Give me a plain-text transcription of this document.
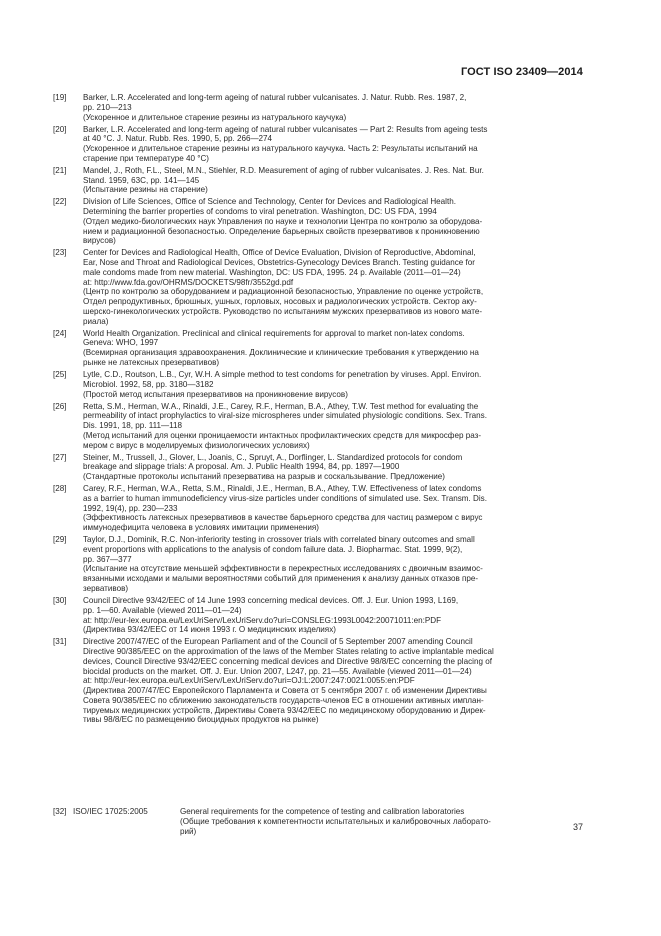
ГОСТ ISO 23409—2014
[19]	Barker, L.R. Accelerated and long-term ageing of natural rubber vulcanisates. J. Natur. Rubb. Res. 1987, 2,
pp. 210—213
(Ускоренное и длительное старение резины из натурального каучука)
[20]	Barker, L.R. Accelerated and long-term ageing of natural rubber vulcanisates — Part 2: Results from ageing tests
at 40 °C. J. Natur. Rubb. Res. 1990, 5, pp. 266—274
(Ускоренное и длительное старение резины из натурального каучука. Часть 2: Результаты испытаний на
старение при температуре 40 °C)
[21]	Mandel, J., Roth, F.L., Steel, M.N., Stiehler, R.D. Measurement of aging of rubber vulcanisates. J. Res. Nat. Bur.
Stand. 1959, 63C, pp. 141—145
(Испытание резины на старение)
[22]	Division of Life Sciences, Office of Science and Technology, Center for Devices and Radiological Health.
Determining the barrier properties of condoms to viral penetration. Washington, DC: US FDA, 1994
(Отдел медико-биологических наук Управления по науке и технологии Центра по контролю за оборудова-
нием и радиационной безопасностью. Определение барьерных свойств презервативов к проникновению
вирусов)
[23]	Center for Devices and Radiological Health, Office of Device Evaluation, Division of Reproductive, Abdominal,
Ear, Nose and Throat and Radiological Devices, Obstetrics-Gynecology Devices Branch. Testing guidance for
male condoms made from new material. Washington, DC: US FDA, 1995. 24 p. Available (2011—01—24)
at: http://www.fda.gov/OHRMS/DOCKETS/98fr/3552gd.pdf
(Центр по контролю за оборудованием и радиационной безопасностью, Управление по оценке устройств,
Отдел репродуктивных, брюшных, ушных, горловых, носовых и радиологических устройств. Сектор аку-
шерско-гинекологических устройств. Руководство по испытаниям мужских презервативов из нового мате-
риала)
[24]	World Health Organization. Preclinical and clinical requirements for approval to market non-latex condoms.
Geneva: WHO, 1997
(Всемирная организация здравоохранения. Доклинические и клинические требования к утверждению на
рынке не латексных презервативов)
[25]	Lytle, C.D., Routson, L.B., Cyr, W.H. A simple method to test condoms for penetration by viruses. Appl. Environ.
Microbiol. 1992, 58, pp. 3180—3182
(Простой метод испытания презервативов на проникновение вирусов)
[26]	Retta, S.M., Herman, W.A., Rinaldi, J.E., Carey, R.F., Herman, B.A., Athey, T.W. Test method for evaluating the
permeability of intact prophylactics to viral-size microspheres under simulated physiologic conditions. Sex. Trans.
Dis. 1991, 18, pp. 111—118
(Метод испытаний для оценки проницаемости интактных профилактических средств для микросфер раз-
мером с вирус в моделируемых физиологических условиях)
[27]	Steiner, M., Trussell, J., Glover, L., Joanis, C., Spruyt, A., Dorflinger, L. Standardized protocols for condom
breakage and slippage trials: A proposal. Am. J. Public Health 1994, 84, pp. 1897—1900
(Стандартные протоколы испытаний презерватива на разрыв и соскальзывание. Предложение)
[28]	Carey, R.F., Herman, W.A., Retta, S.M., Rinaldi, J.E., Herman, B.A., Athey, T.W. Effectiveness of latex condoms
as a barrier to human immunodeficiency virus-size particles under conditions of simulated use. Sex. Transm. Dis.
1992, 19(4), pp. 230—233
(Эффективность латексных презервативов в качестве барьерного средства для частиц размером с вирус
иммунодефицита человека в условиях имитации применения)
[29]	Taylor, D.J., Dominik, R.C. Non-inferiority testing in crossover trials with correlated binary outcomes and small
event proportions with applications to the analysis of condom failure data. J. Biopharmac. Stat. 1999, 9(2),
pp. 367—377
(Испытание на отсутствие меньшей эффективности в перекрестных исследованиях с двоичным взаимос-
вязанными исходами и малыми вероятностями событий для применения к анализу данных отказов пре-
зервативов)
[30]	Council Directive 93/42/EEC of 14 June 1993 concerning medical devices. Off. J. Eur. Union 1993, L169,
pp. 1—60. Available (viewed 2011—01—24)
at: http://eur-lex.europa.eu/LexUriServ/LexUriServ.do?uri=CONSLEG:1993L0042:20071011:en:PDF
(Директива 93/42/EEC от 14 июня 1993 г. О медицинских изделиях)
[31]	Directive 2007/47/EC of the European Parliament and of the Council of 5 September 2007 amending Council
Directive 90/385/EEC on the approximation of the laws of the Member States relating to active implantable medical
devices, Council Directive 93/42/EEC concerning medical devices and Directive 98/8/EC concerning the placing of
biocidal products on the market. Off. J. Eur. Union 2007, L247, pp. 21—55. Available (viewed 2011—01—24)
at: http://eur-lex.europa.eu/LexUriServ/LexUriServ.do?uri=OJ:L:2007:247:0021:0055:en:PDF
(Директива 2007/47/EC Европейского Парламента и Совета от 5 сентября 2007 г. об изменении Директивы
Совета 90/385/EEC по сближению законодательств государств-членов ЕС в отношении активных имплан-
тируемых медицинских устройств, Директивы Совета 93/42/EEC по медицинскому оборудованию и Дирек-
тивы 98/8/EC по размещению биоцидных продуктов на рынке)
[32] ISO/IEC 17025:2005	General requirements for the competence of testing and calibration laboratories
(Общие требования к компетентности испытательных и калибровочных лаборато-
рий)	37
